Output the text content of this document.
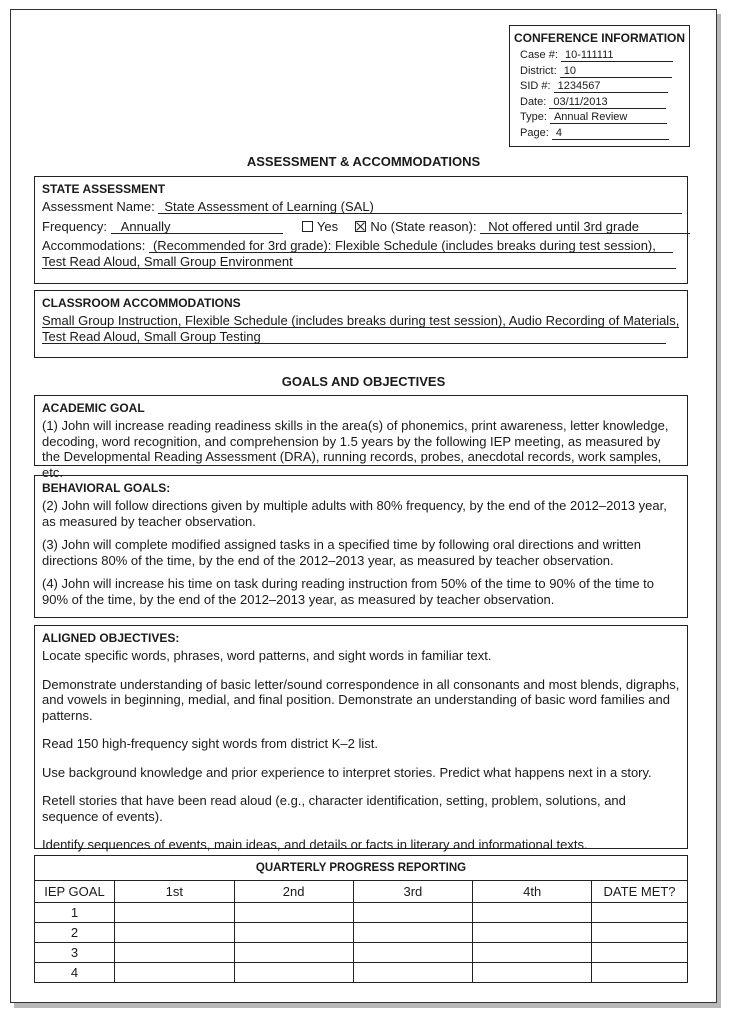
CONFERENCE INFORMATION
Case #: 10-111111
District: 10
SID #: 1234567
Date: 03/11/2013
Type: Annual Review
Page: 4
ASSESSMENT & ACCOMMODATIONS
STATE ASSESSMENT
Assessment Name: State Assessment of Learning (SAL)
Frequency: Annually	Yes No (State reason): Not offered until 3rd grade
Accommodations: (Recommended for 3rd grade): Flexible Schedule (includes breaks during test session),
Test Read Aloud, Small Group Environment
CLASSROOM ACCOMMODATIONS
Small Group Instruction, Flexible Schedule (includes breaks during test session), Audio Recording of Materials,
Test Read Aloud, Small Group Testing
GOALS AND OBJECTIVES
ACADEMIC GOAL
(1) John will increase reading readiness skills in the area(s) of phonemics, print awareness, letter knowledge, decoding, word recognition, and comprehension by 1.5 years by the following IEP meeting, as measured by the Developmental Reading Assessment (DRA), running records, probes, anecdotal records, work samples, etc.
BEHAVIORAL GOALS:
(2) John will follow directions given by multiple adults with 80% frequency, by the end of the 2012–2013 year, as measured by teacher observation.
(3) John will complete modified assigned tasks in a specified time by following oral directions and written directions 80% of the time, by the end of the 2012–2013 year, as measured by teacher observation.
(4) John will increase his time on task during reading instruction from 50% of the time to 90% of the time to 90% of the time, by the end of the 2012–2013 year, as measured by teacher observation.
ALIGNED OBJECTIVES:
Locate specific words, phrases, word patterns, and sight words in familiar text.
Demonstrate understanding of basic letter/sound correspondence in all consonants and most blends, digraphs, and vowels in beginning, medial, and final position. Demonstrate an understanding of basic word families and patterns.
Read 150 high-frequency sight words from district K–2 list.
Use background knowledge and prior experience to interpret stories. Predict what happens next in a story.
Retell stories that have been read aloud (e.g., character identification, setting, problem, solutions, and sequence of events).
Identify sequences of events, main ideas, and details or facts in literary and informational texts.
QUARTERLY PROGRESS REPORTING					
IEP GOAL	1st	2nd	3rd	4th	DATE MET?
1					
2					
3					
4					
